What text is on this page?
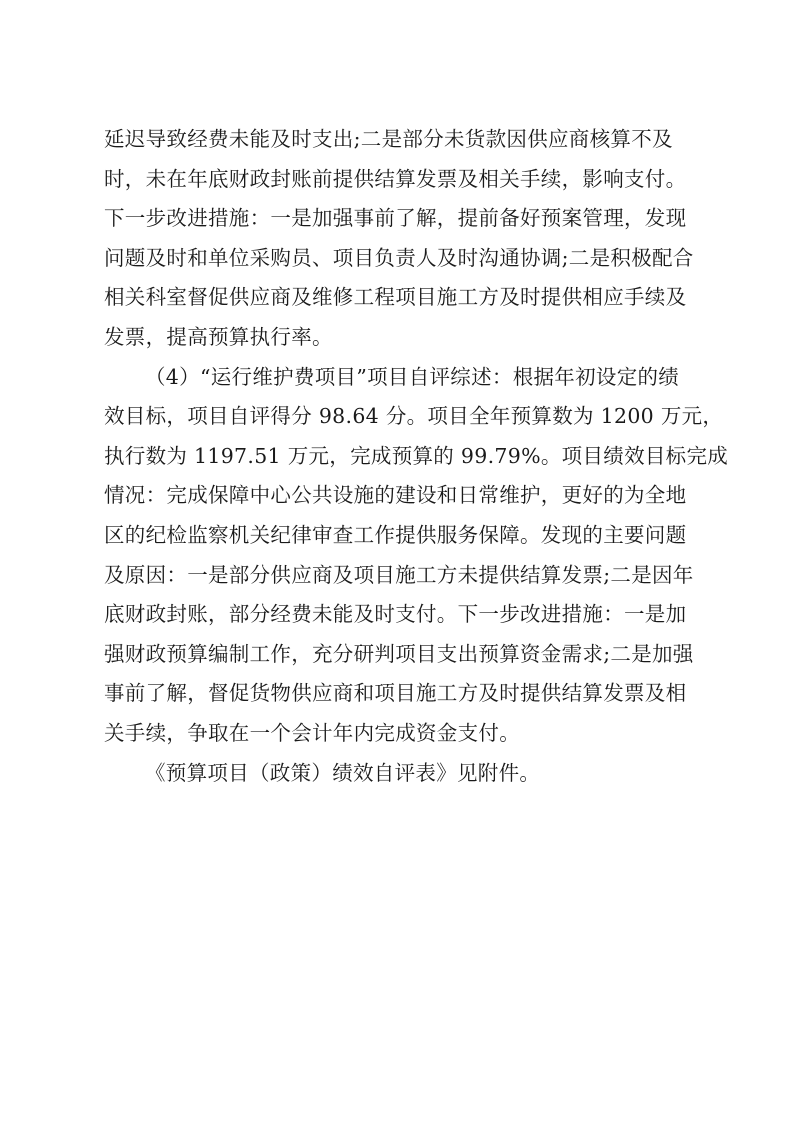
延迟导致经费未能及时支出;二是部分未货款因供应商核算不及
时，未在年底财政封账前提供结算发票及相关手续，影响支付。
下一步改进措施：一是加强事前了解，提前备好预案管理，发现
问题及时和单位采购员、项目负责人及时沟通协调;二是积极配合
相关科室督促供应商及维修工程项目施工方及时提供相应手续及
发票，提高预算执行率。
（4）“运行维护费项目”项目自评综述：根据年初设定的绩
效目标，项目自评得分 98.64 分。项目全年预算数为 1200 万元，
执行数为 1197.51 万元，完成预算的 99.79%。项目绩效目标完成
情况：完成保障中心公共设施的建设和日常维护，更好的为全地
区的纪检监察机关纪律审查工作提供服务保障。发现的主要问题
及原因：一是部分供应商及项目施工方未提供结算发票;二是因年
底财政封账，部分经费未能及时支付。下一步改进措施：一是加
强财政预算编制工作，充分研判项目支出预算资金需求;二是加强
事前了解，督促货物供应商和项目施工方及时提供结算发票及相
关手续，争取在一个会计年内完成资金支付。
《预算项目（政策）绩效自评表》见附件。
